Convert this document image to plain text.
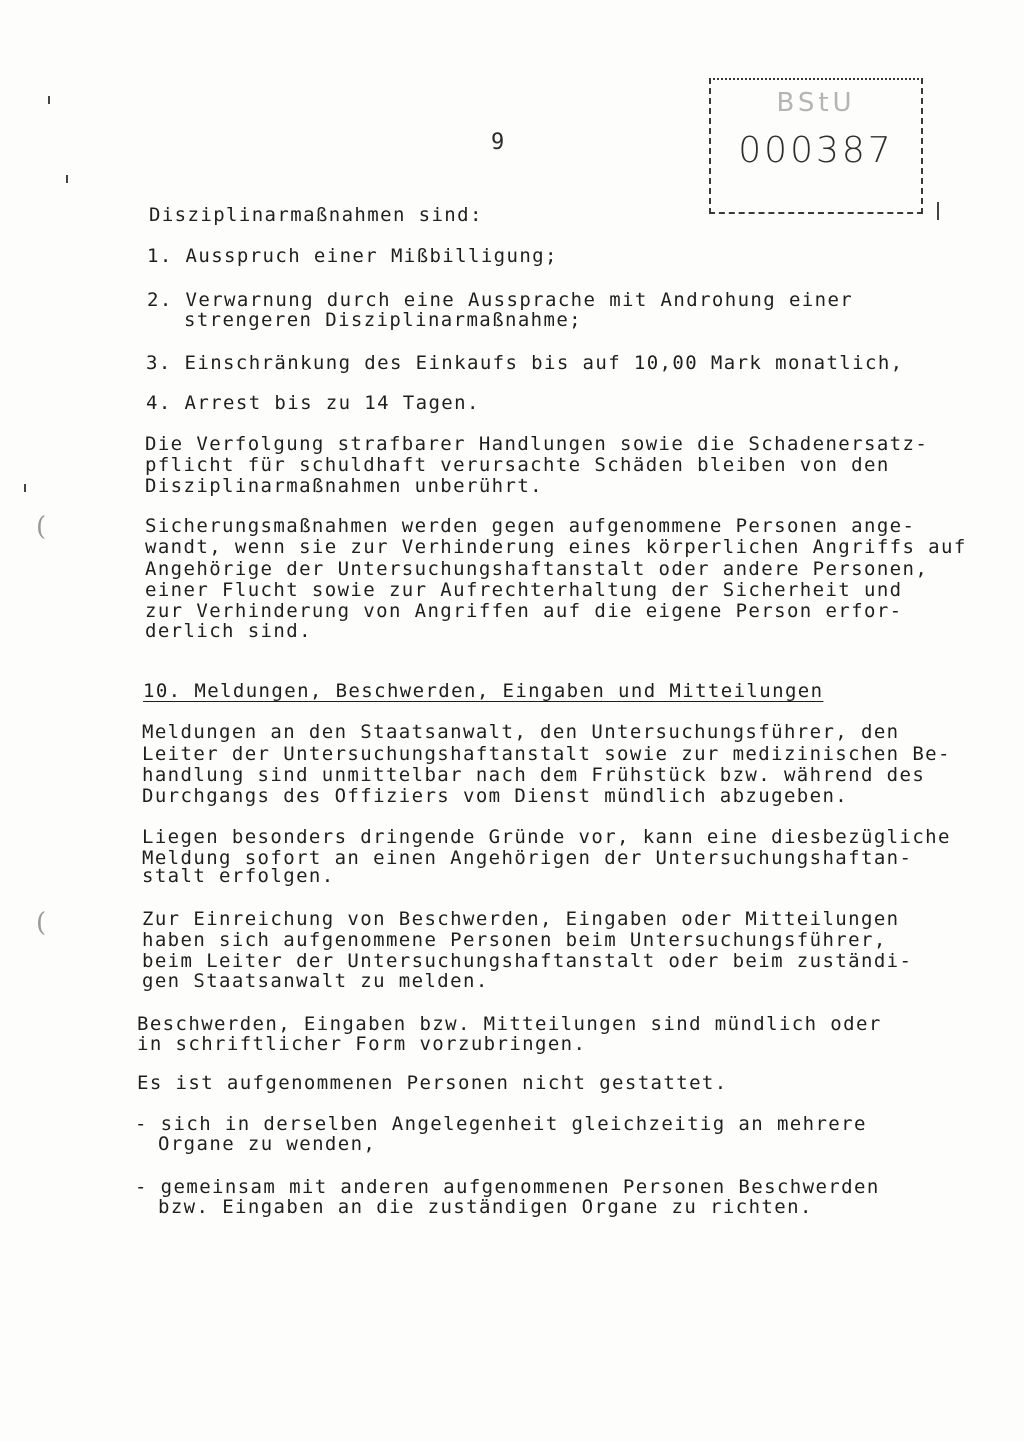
(
(
9
BStU
000387
Disziplinarmaßnahmen sind:
1. Ausspruch einer Mißbilligung;
2. Verwarnung durch eine Aussprache mit Androhung einer
strengeren Disziplinarmaßnahme;
3. Einschränkung des Einkaufs bis auf 10,00 Mark monatlich,
4. Arrest bis zu 14 Tagen.
Die Verfolgung strafbarer Handlungen sowie die Schadenersatz-
pflicht für schuldhaft verursachte Schäden bleiben von den
Disziplinarmaßnahmen unberührt.
Sicherungsmaßnahmen werden gegen aufgenommene Personen ange-
wandt, wenn sie zur Verhinderung eines körperlichen Angriffs auf
Angehörige der Untersuchungshaftanstalt oder andere Personen,
einer Flucht sowie zur Aufrechterhaltung der Sicherheit und
zur Verhinderung von Angriffen auf die eigene Person erfor-
derlich sind.
10. Meldungen, Beschwerden, Eingaben und Mitteilungen
Meldungen an den Staatsanwalt, den Untersuchungsführer, den
Leiter der Untersuchungshaftanstalt sowie zur medizinischen Be-
handlung sind unmittelbar nach dem Frühstück bzw. während des
Durchgangs des Offiziers vom Dienst mündlich abzugeben.
Liegen besonders dringende Gründe vor, kann eine diesbezügliche
Meldung sofort an einen Angehörigen der Untersuchungshaftan-
stalt erfolgen.
Zur Einreichung von Beschwerden, Eingaben oder Mitteilungen
haben sich aufgenommene Personen beim Untersuchungsführer,
beim Leiter der Untersuchungshaftanstalt oder beim zuständi-
gen Staatsanwalt zu melden.
Beschwerden, Eingaben bzw. Mitteilungen sind mündlich oder
in schriftlicher Form vorzubringen.
Es ist aufgenommenen Personen nicht gestattet.
- sich in derselben Angelegenheit gleichzeitig an mehrere
Organe zu wenden,
- gemeinsam mit anderen aufgenommenen Personen Beschwerden
bzw. Eingaben an die zuständigen Organe zu richten.
